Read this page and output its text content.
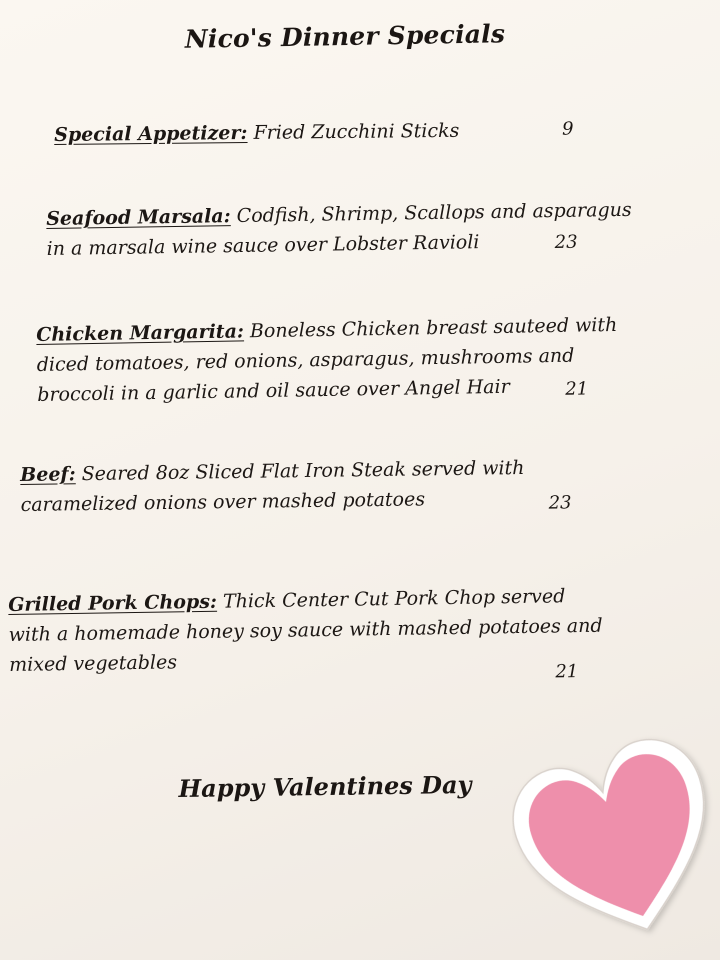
Nico's Dinner Specials
Special Appetizer: Fried Zucchini Sticks	9
Seafood Marsala: Codfish, Shrimp, Scallops and asparagus
in a marsala wine sauce over Lobster Ravioli	23
Chicken Margarita: Boneless Chicken breast sauteed with
diced tomatoes, red onions, asparagus, mushrooms and
broccoli in a garlic and oil sauce over Angel Hair	21
Beef: Seared 8oz Sliced Flat Iron Steak served with
caramelized onions over mashed potatoes	23
Grilled Pork Chops: Thick Center Cut Pork Chop served
with a homemade honey soy sauce with mashed potatoes and
mixed vegetables	21
Happy Valentines Day
